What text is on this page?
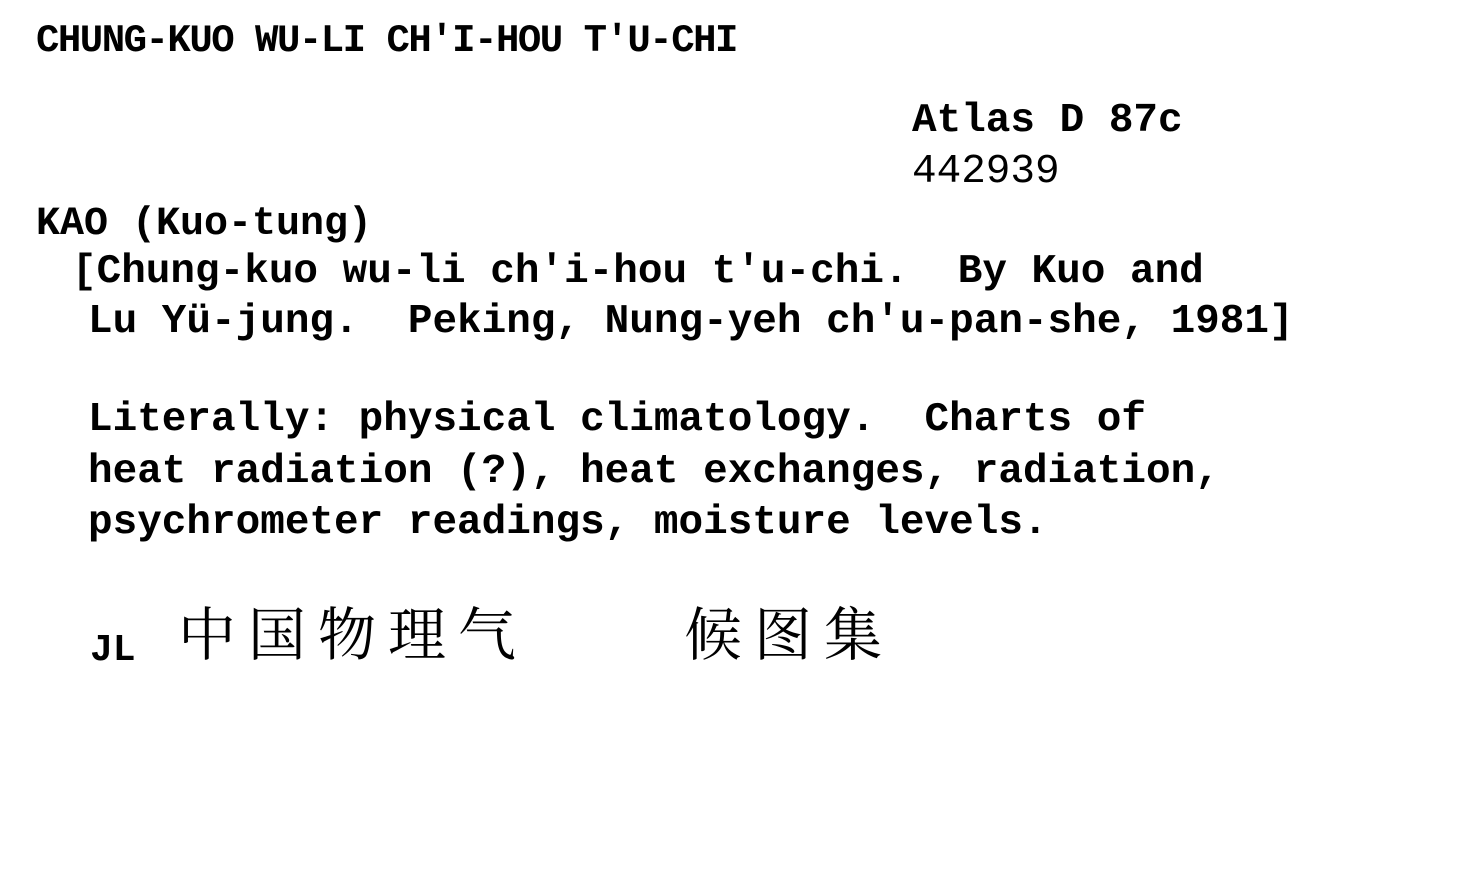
CHUNG-KUO WU-LI CH'I-HOU T'U-CHI
Atlas D 87c
442939
KAO (Kuo-tung)
[Chung-kuo wu-li ch'i-hou t'u-chi.  By Kuo and
Lu Yü-jung.  Peking, Nung-yeh ch'u-pan-she, 1981]
Literally: physical climatology.  Charts of
heat radiation (?), heat exchanges, radiation,
psychrometer readings, moisture levels.
JL 中国物理气	候图集
